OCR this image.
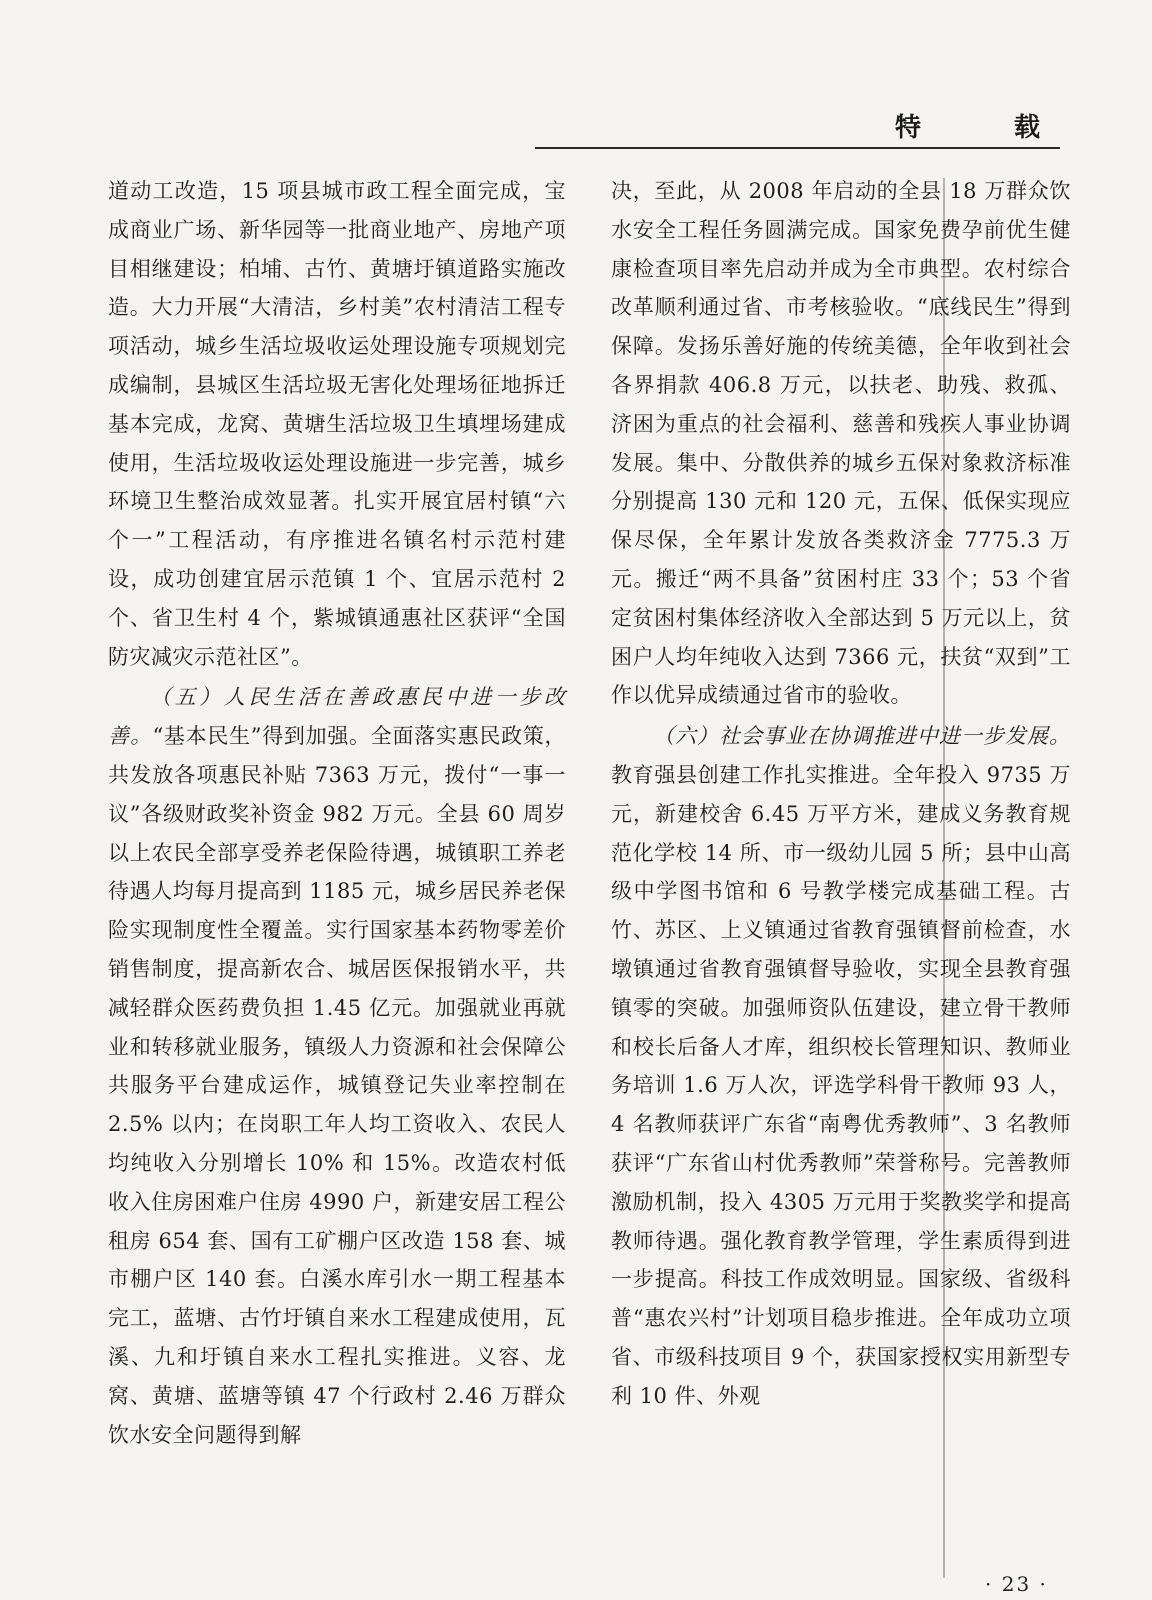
特 载

道动工改造，15 项县城市政工程全面完成，宝成商业广场、新华园等一批商业地产、房地产项目相继建设；柏埔、古竹、黄塘圩镇道路实施改造。大力开展“大清洁，乡村美”农村清洁工程专项活动，城乡生活垃圾收运处理设施专项规划完成编制，县城区生活垃圾无害化处理场征地拆迁基本完成，龙窝、黄塘生活垃圾卫生填埋场建成使用，生活垃圾收运处理设施进一步完善，城乡环境卫生整治成效显著。扎实开展宜居村镇“六个一”工程活动，有序推进名镇名村示范村建设，成功创建宜居示范镇 1 个、宜居示范村 2 个、省卫生村 4 个，紫城镇通惠社区获评“全国防灾减灾示范社区”。

（五）人民生活在善政惠民中进一步改善。“基本民生”得到加强。全面落实惠民政策，共发放各项惠民补贴 7363 万元，拨付“一事一议”各级财政奖补资金 982 万元。全县 60 周岁以上农民全部享受养老保险待遇，城镇职工养老待遇人均每月提高到 1185 元，城乡居民养老保险实现制度性全覆盖。实行国家基本药物零差价销售制度，提高新农合、城居医保报销水平，共减轻群众医药费负担 1.45 亿元。加强就业再就业和转移就业服务，镇级人力资源和社会保障公共服务平台建成运作，城镇登记失业率控制在 2.5% 以内；在岗职工年人均工资收入、农民人均纯收入分别增长 10% 和 15%。改造农村低收入住房困难户住房 4990 户，新建安居工程公租房 654 套、国有工矿棚户区改造 158 套、城市棚户区 140 套。白溪水库引水一期工程基本完工，蓝塘、古竹圩镇自来水工程建成使用，瓦溪、九和圩镇自来水工程扎实推进。义容、龙窝、黄塘、蓝塘等镇 47 个行政村 2.46 万群众饮水安全问题得到解

决，至此，从 2008 年启动的全县 18 万群众饮水安全工程任务圆满完成。国家免费孕前优生健康检查项目率先启动并成为全市典型。农村综合改革顺利通过省、市考核验收。“底线民生”得到保障。发扬乐善好施的传统美德，全年收到社会各界捐款 406.8 万元，以扶老、助残、救孤、济困为重点的社会福利、慈善和残疾人事业协调发展。集中、分散供养的城乡五保对象救济标准分别提高 130 元和 120 元，五保、低保实现应保尽保，全年累计发放各类救济金 7775.3 万元。搬迁“两不具备”贫困村庄 33 个；53 个省定贫困村集体经济收入全部达到 5 万元以上，贫困户人均年纯收入达到 7366 元，扶贫“双到”工作以优异成绩通过省市的验收。

（六）社会事业在协调推进中进一步发展。教育强县创建工作扎实推进。全年投入 9735 万元，新建校舍 6.45 万平方米，建成义务教育规范化学校 14 所、市一级幼儿园 5 所；县中山高级中学图书馆和 6 号教学楼完成基础工程。古竹、苏区、上义镇通过省教育强镇督前检查，水墩镇通过省教育强镇督导验收，实现全县教育强镇零的突破。加强师资队伍建设，建立骨干教师和校长后备人才库，组织校长管理知识、教师业务培训 1.6 万人次，评选学科骨干教师 93 人，4 名教师获评广东省“南粤优秀教师”、3 名教师获评“广东省山村优秀教师”荣誉称号。完善教师激励机制，投入 4305 万元用于奖教奖学和提高教师待遇。强化教育教学管理，学生素质得到进一步提高。科技工作成效明显。国家级、省级科普“惠农兴村”计划项目稳步推进。全年成功立项省、市级科技项目 9 个，获国家授权实用新型专利 10 件、外观

· 23 ·
